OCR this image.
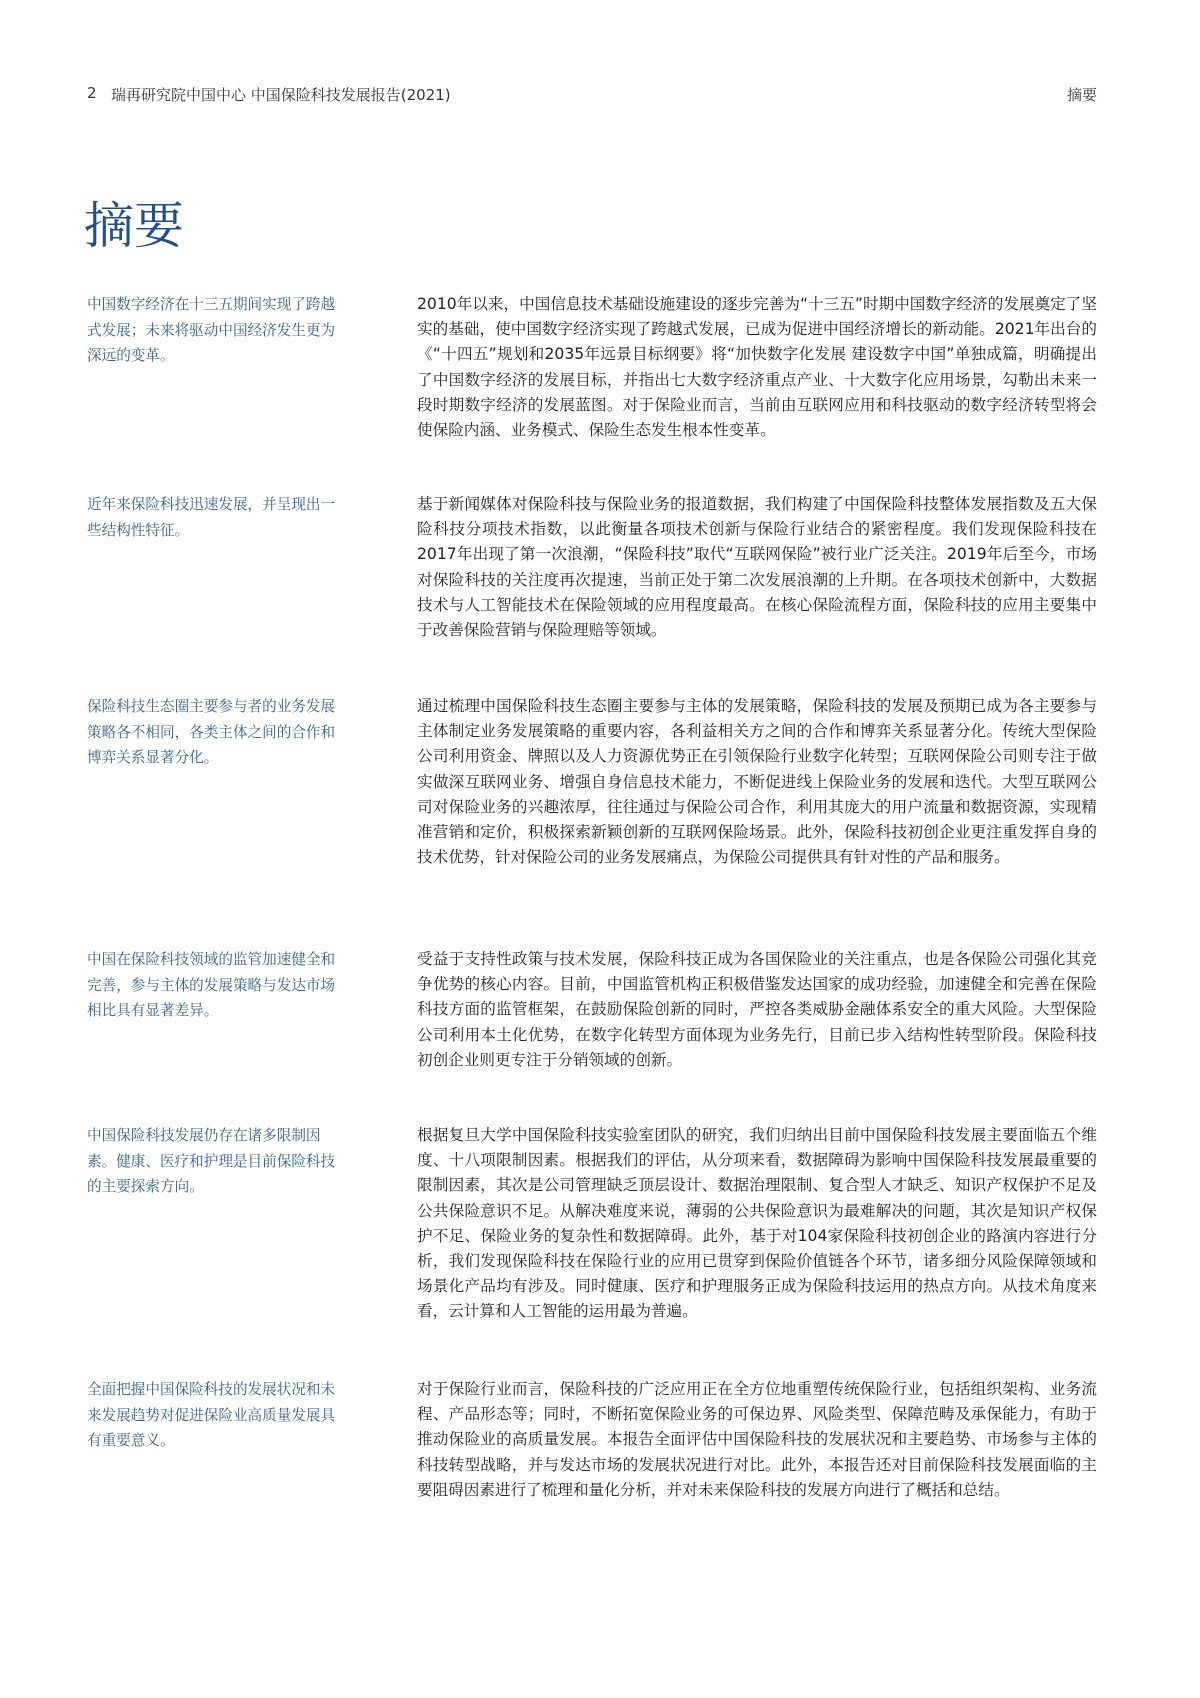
2 瑞再研究院中国中心 中国保险科技发展报告(2021)	摘要
摘要

中国数字经济在十三五期间实现了跨越式发展；未来将驱动中国经济发生更为深远的变革。

2010年以来，中国信息技术基础设施建设的逐步完善为“十三五”时期中国数字经济的发展奠定了坚实的基础，使中国数字经济实现了跨越式发展，已成为促进中国经济增长的新动能。2021年出台的《“十四五”规划和2035年远景目标纲要》将“加快数字化发展 建设数字中国”单独成篇，明确提出了中国数字经济的发展目标，并指出七大数字经济重点产业、十大数字化应用场景，勾勒出未来一段时期数字经济的发展蓝图。对于保险业而言，当前由互联网应用和科技驱动的数字经济转型将会使保险内涵、业务模式、保险生态发生根本性变革。

近年来保险科技迅速发展，并呈现出一些结构性特征。

基于新闻媒体对保险科技与保险业务的报道数据，我们构建了中国保险科技整体发展指数及五大保险科技分项技术指数，以此衡量各项技术创新与保险行业结合的紧密程度。我们发现保险科技在2017年出现了第一次浪潮，“保险科技”取代“互联网保险”被行业广泛关注。2019年后至今，市场对保险科技的关注度再次提速，当前正处于第二次发展浪潮的上升期。在各项技术创新中，大数据技术与人工智能技术在保险领域的应用程度最高。在核心保险流程方面，保险科技的应用主要集中于改善保险营销与保险理赔等领域。

保险科技生态圈主要参与者的业务发展策略各不相同，各类主体之间的合作和博弈关系显著分化。

通过梳理中国保险科技生态圈主要参与主体的发展策略，保险科技的发展及预期已成为各主要参与主体制定业务发展策略的重要内容，各利益相关方之间的合作和博弈关系显著分化。传统大型保险公司利用资金、牌照以及人力资源优势正在引领保险行业数字化转型；互联网保险公司则专注于做实做深互联网业务、增强自身信息技术能力，不断促进线上保险业务的发展和迭代。大型互联网公司对保险业务的兴趣浓厚，往往通过与保险公司合作，利用其庞大的用户流量和数据资源，实现精准营销和定价，积极探索新颖创新的互联网保险场景。此外，保险科技初创企业更注重发挥自身的技术优势，针对保险公司的业务发展痛点，为保险公司提供具有针对性的产品和服务。

中国在保险科技领域的监管加速健全和完善，参与主体的发展策略与发达市场相比具有显著差异。

受益于支持性政策与技术发展，保险科技正成为各国保险业的关注重点，也是各保险公司强化其竞争优势的核心内容。目前，中国监管机构正积极借鉴发达国家的成功经验，加速健全和完善在保险科技方面的监管框架，在鼓励保险创新的同时，严控各类威胁金融体系安全的重大风险。大型保险公司利用本土化优势，在数字化转型方面体现为业务先行，目前已步入结构性转型阶段。保险科技初创企业则更专注于分销领域的创新。

中国保险科技发展仍存在诸多限制因素。健康、医疗和护理是目前保险科技的主要探索方向。

根据复旦大学中国保险科技实验室团队的研究，我们归纳出目前中国保险科技发展主要面临五个维度、十八项限制因素。根据我们的评估，从分项来看，数据障碍为影响中国保险科技发展最重要的限制因素，其次是公司管理缺乏顶层设计、数据治理限制、复合型人才缺乏、知识产权保护不足及公共保险意识不足。从解决难度来说，薄弱的公共保险意识为最难解决的问题，其次是知识产权保护不足、保险业务的复杂性和数据障碍。此外，基于对104家保险科技初创企业的路演内容进行分析，我们发现保险科技在保险行业的应用已贯穿到保险价值链各个环节，诸多细分风险保障领域和场景化产品均有涉及。同时健康、医疗和护理服务正成为保险科技运用的热点方向。从技术角度来看，云计算和人工智能的运用最为普遍。

全面把握中国保险科技的发展状况和未来发展趋势对促进保险业高质量发展具有重要意义。

对于保险行业而言，保险科技的广泛应用正在全方位地重塑传统保险行业，包括组织架构、业务流程、产品形态等；同时，不断拓宽保险业务的可保边界、风险类型、保障范畴及承保能力，有助于推动保险业的高质量发展。本报告全面评估中国保险科技的发展状况和主要趋势、市场参与主体的科技转型战略，并与发达市场的发展状况进行对比。此外，本报告还对目前保险科技发展面临的主要阻碍因素进行了梳理和量化分析，并对未来保险科技的发展方向进行了概括和总结。
